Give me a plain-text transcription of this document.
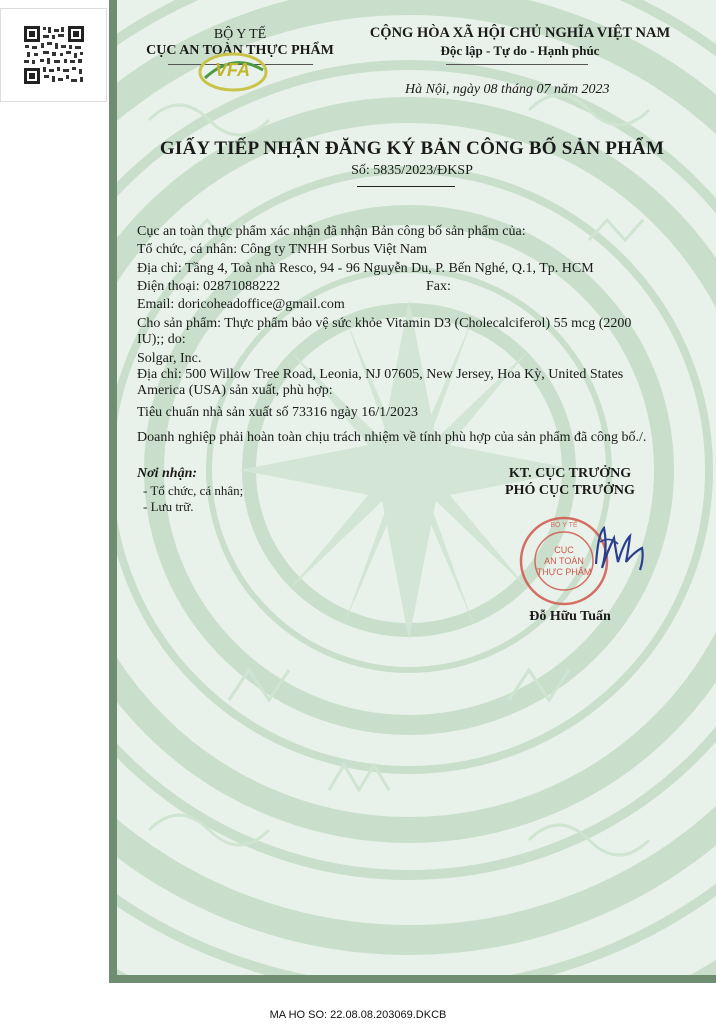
BỘ Y TẾ
CỤC AN TOÀN THỰC PHẨM
VFA
CỘNG HÒA XÃ HỘI CHỦ NGHĨA VIỆT NAM
Độc lập - Tự do - Hạnh phúc
Hà Nội, ngày 08 tháng 07 năm 2023
GIẤY TIẾP NHẬN ĐĂNG KÝ BẢN CÔNG BỐ SẢN PHẨM
Số: 5835/2023/ĐKSP
Cục an toàn thực phẩm xác nhận đã nhận Bản công bố sản phẩm của:
Tổ chức, cá nhân: Công ty TNHH Sorbus Việt Nam
Địa chỉ: Tầng 4, Toà nhà Resco, 94 - 96 Nguyễn Du, P. Bến Nghé, Q.1, Tp. HCM
Điện thoại: 02871088222	Fax:
Email: doricoheadoffice@gmail.com
Cho sản phẩm: Thực phẩm bảo vệ sức khỏe Vitamin D3 (Cholecalciferol) 55 mcg (2200
IU);; do:
Solgar, Inc.
Địa chỉ: 500 Willow Tree Road, Leonia, NJ 07605, New Jersey, Hoa Kỳ, United States
America (USA) sản xuất, phù hợp:
Tiêu chuẩn nhà sản xuất số 73316 ngày 16/1/2023
Doanh nghiệp phải hoàn toàn chịu trách nhiệm về tính phù hợp của sản phẩm đã công bố./.
Nơi nhận:
- Tổ chức, cá nhân;
- Lưu trữ.
KT. CỤC TRƯỞNG
PHÓ CỤC TRƯỞNG
BỘ Y TẾ
CỤC
AN TOÀN
THỰC PHẨM
Đỗ Hữu Tuấn
MA HO SO: 22.08.08.203069.DKCB
